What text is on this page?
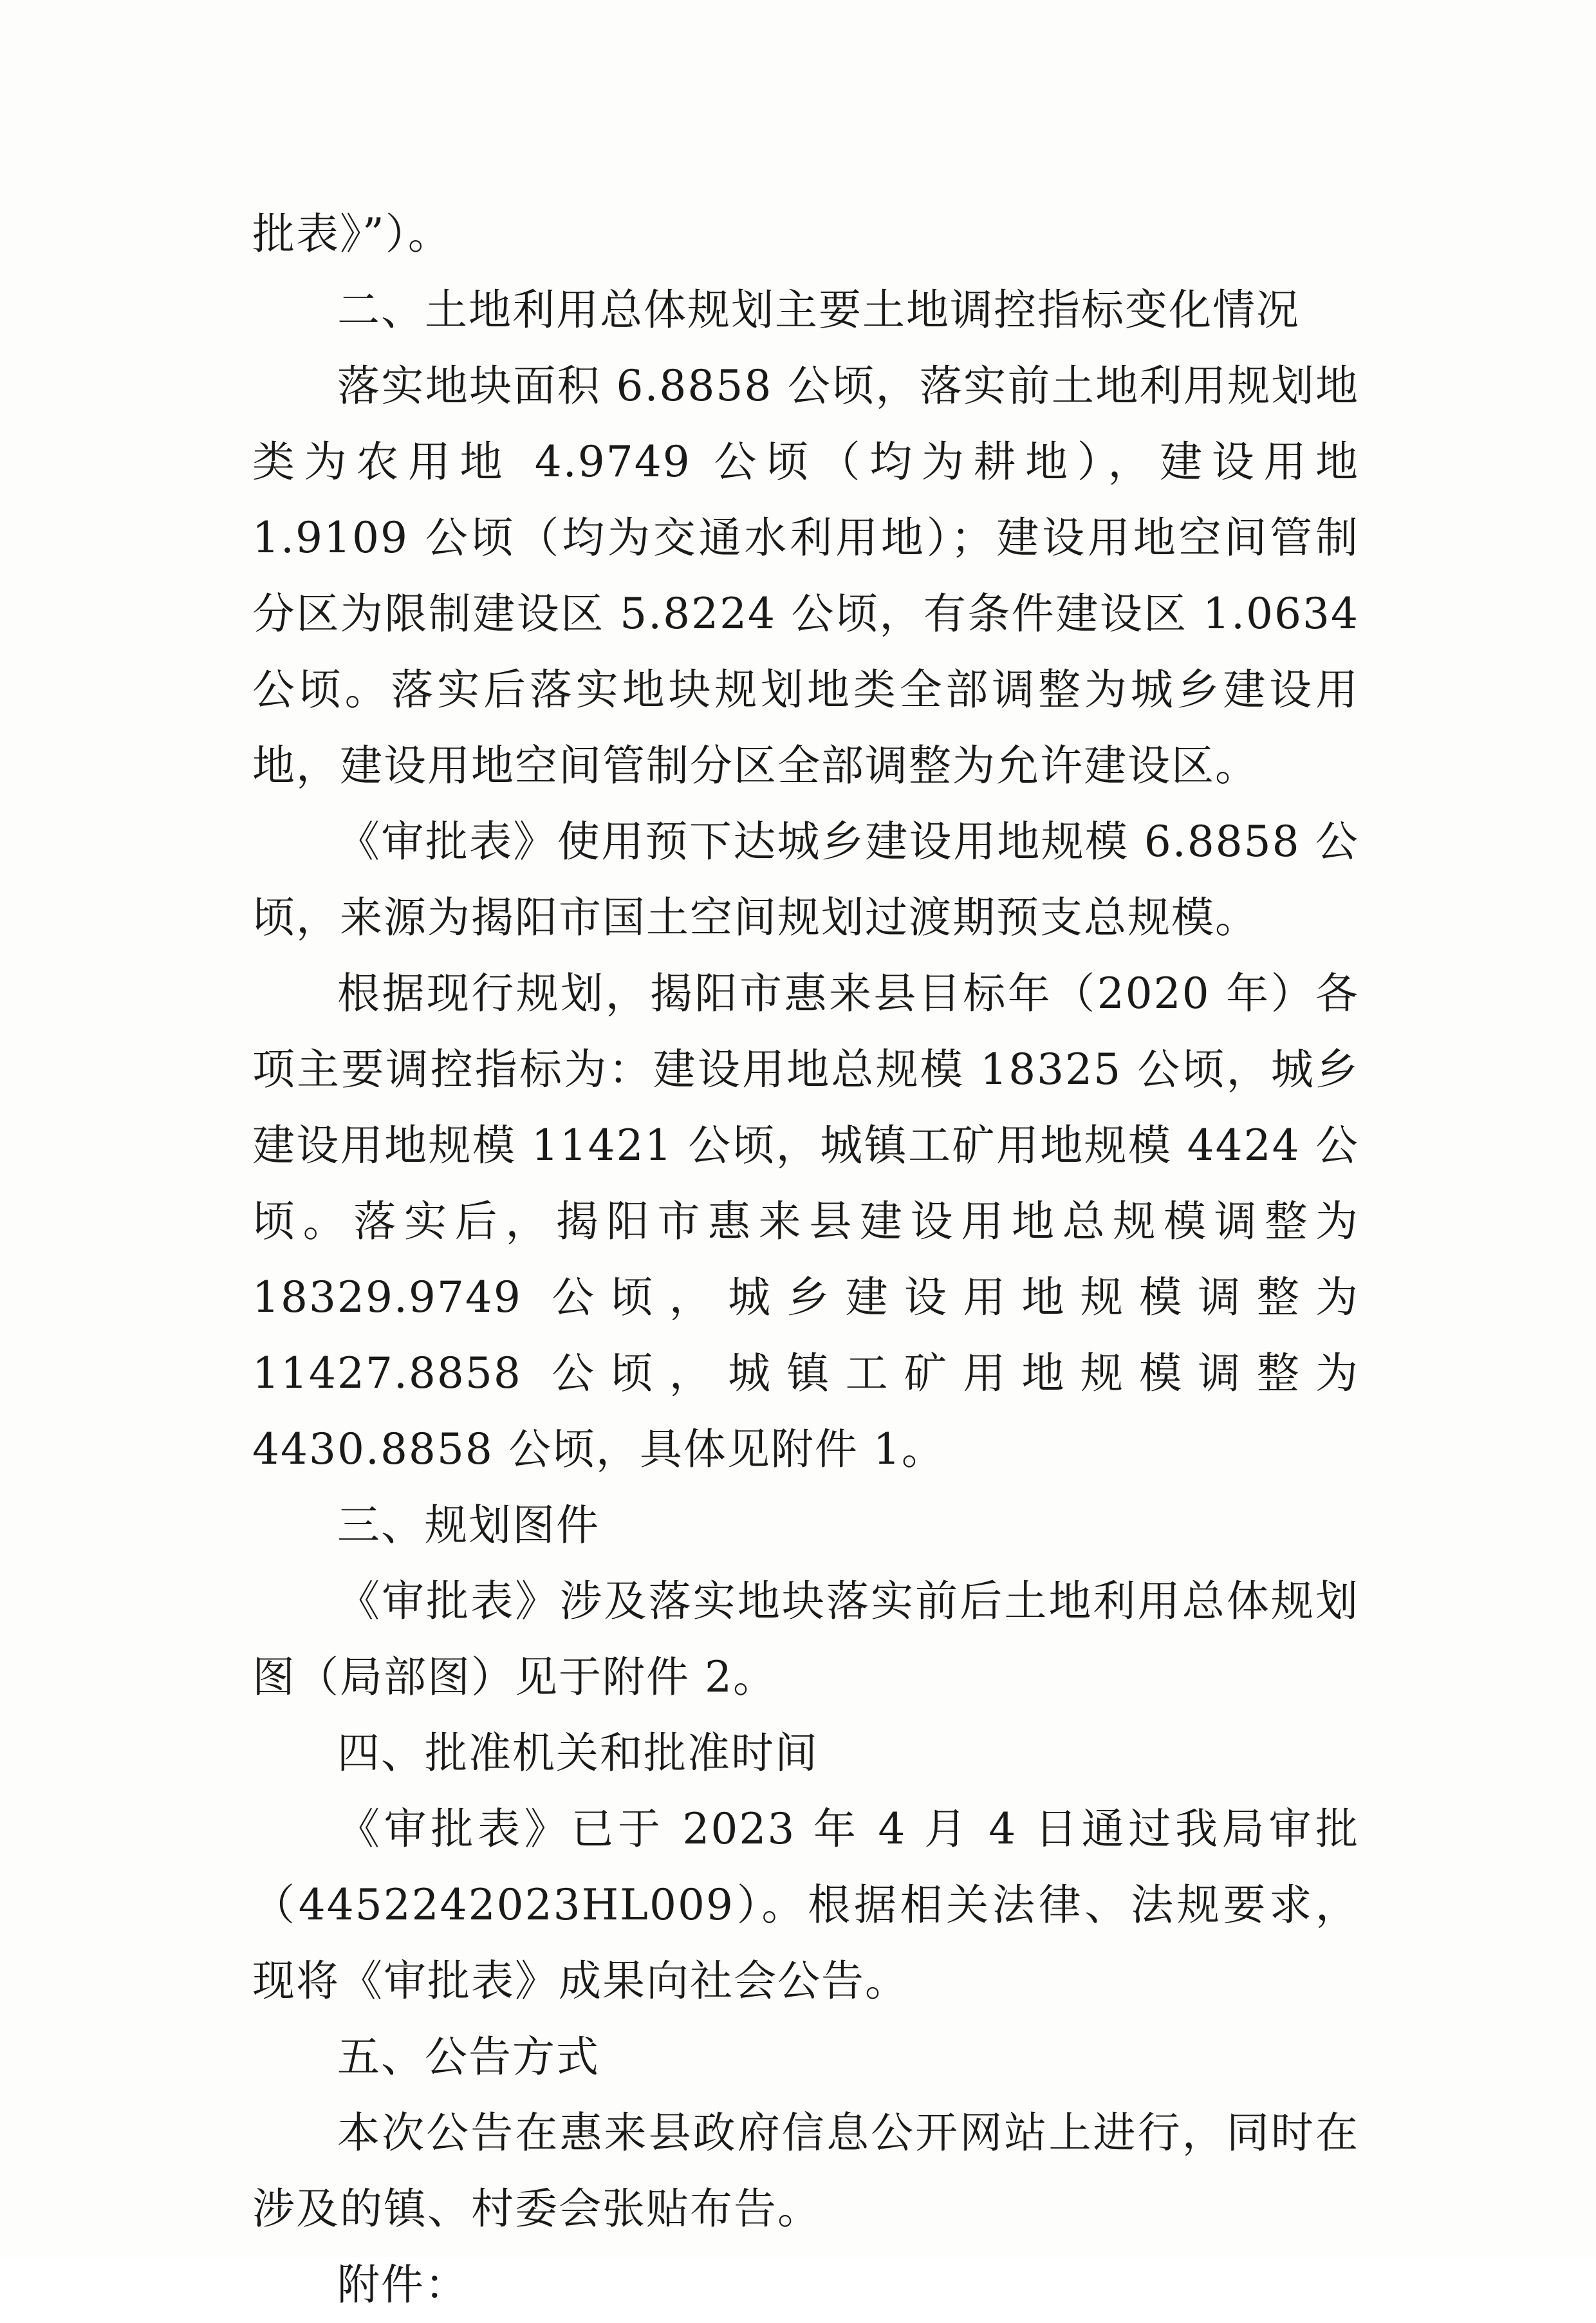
批表》”）。

二、土地利用总体规划主要土地调控指标变化情况

落实地块面积 6.8858 公顷，落实前土地利用规划地类为农用地 4.9749 公顷（均为耕地），建设用地 1.9109 公顷（均为交通水利用地）；建设用地空间管制分区为限制建设区 5.8224 公顷，有条件建设区 1.0634 公顷。落实后落实地块规划地类全部调整为城乡建设用地，建设用地空间管制分区全部调整为允许建设区。

《审批表》使用预下达城乡建设用地规模 6.8858 公顷，来源为揭阳市国土空间规划过渡期预支总规模。

根据现行规划，揭阳市惠来县目标年（2020 年）各项主要调控指标为：建设用地总规模 18325 公顷，城乡建设用地规模 11421 公顷，城镇工矿用地规模 4424 公顷。落实后，揭阳市惠来县建设用地总规模调整为 18329.9749 公顷，城乡建设用地规模调整为 11427.8858 公顷，城镇工矿用地规模调整为 4430.8858 公顷，具体见附件 1。

三、规划图件

《审批表》涉及落实地块落实前后土地利用总体规划图（局部图）见于附件 2。

四、批准机关和批准时间

《审批表》已于 2023 年 4 月 4 日通过我局审批（4452242023HL009）。根据相关法律、法规要求，现将《审批表》成果向社会公告。

五、公告方式

本次公告在惠来县政府信息公开网站上进行，同时在涉及的镇、村委会张贴布告。

附件：
